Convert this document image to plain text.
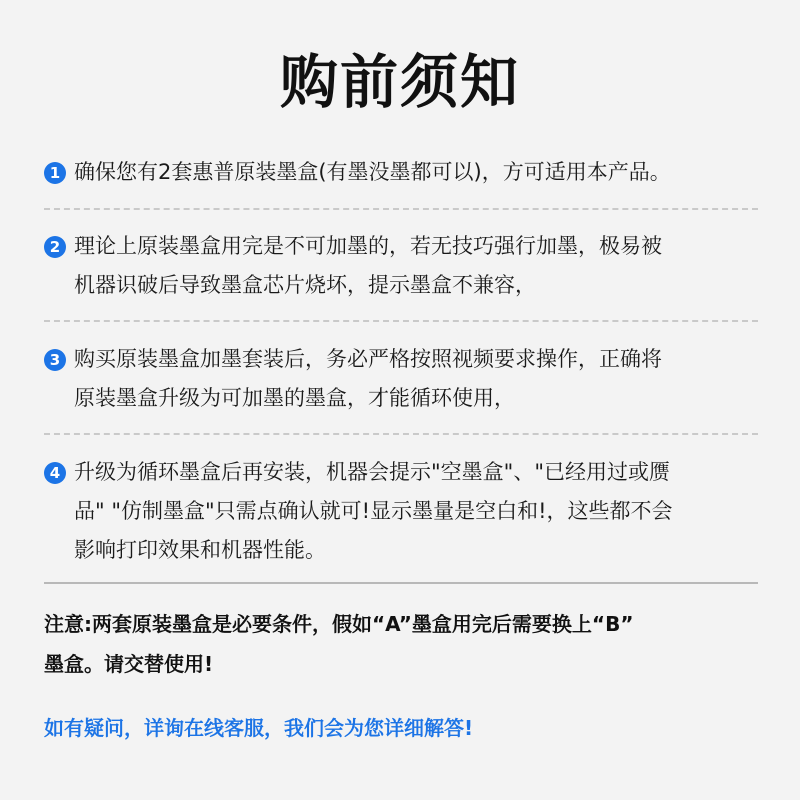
购前须知
1 确保您有2套惠普原装墨盒(有墨没墨都可以)，方可适用本产品。
2 理论上原装墨盒用完是不可加墨的，若无技巧强行加墨，极易被
机器识破后导致墨盒芯片烧坏，提示墨盒不兼容，
3 购买原装墨盒加墨套装后，务必严格按照视频要求操作，正确将
原装墨盒升级为可加墨的墨盒，才能循环使用，
4 升级为循环墨盒后再安装，机器会提示"空墨盒"、"已经用过或赝
品" "仿制墨盒"只需点确认就可!显示墨量是空白和!，这些都不会
影响打印效果和机器性能。
注意:两套原装墨盒是必要条件，假如“A”墨盒用完后需要换上“B”
墨盒。请交替使用!
如有疑问，详询在线客服，我们会为您详细解答!
